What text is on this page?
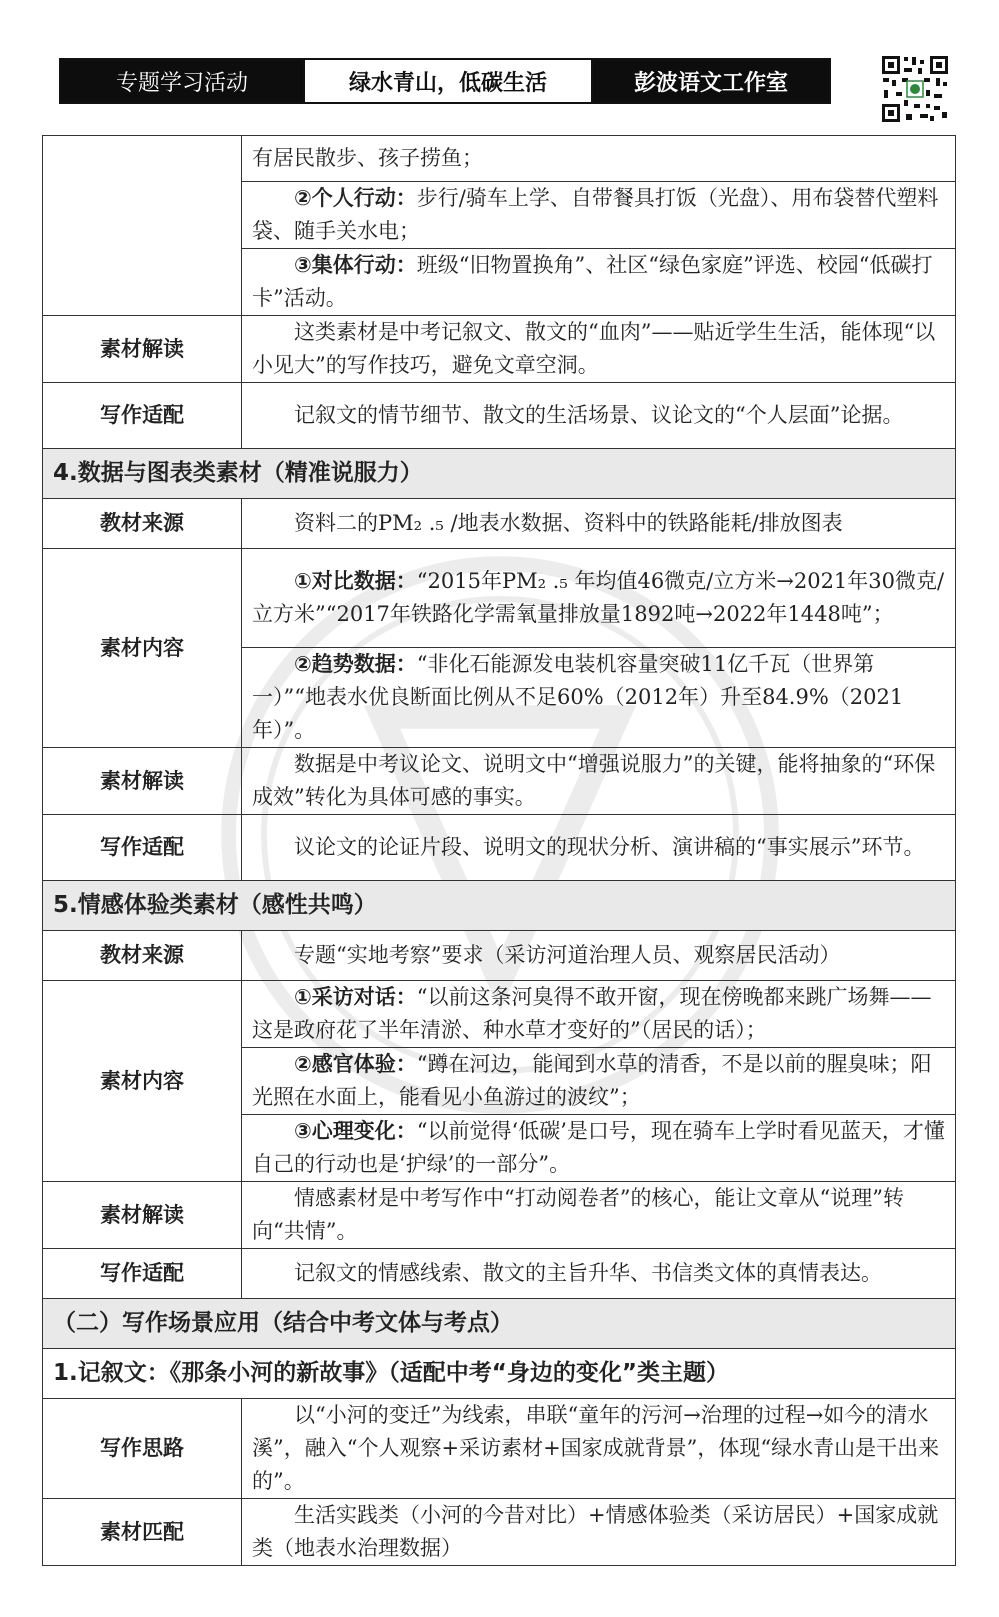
专题学习活动	绿水青山，低碳生活	彭波语文工作室
	有居民散步、孩子捞鱼；
	②个人行动：步行/骑车上学、自带餐具打饭（光盘）、用布袋替代塑料袋、随手关水电；
	③集体行动：班级“旧物置换角”、社区“绿色家庭”评选、校园“低碳打卡”活动。
素材解读	这类素材是中考记叙文、散文的“血肉”——贴近学生生活，能体现“以小见大”的写作技巧，避免文章空洞。
写作适配	记叙文的情节细节、散文的生活场景、议论文的“个人层面”论据。
4.数据与图表类素材（精准说服力）	
教材来源	资料二的PM₂ .₅ /地表水数据、资料中的铁路能耗/排放图表
素材内容	①对比数据：“2015年PM₂ .₅ 年均值46微克/立方米→2021年30微克/立方米”“2017年铁路化学需氧量排放量1892吨→2022年1448吨”；
	②趋势数据：“非化石能源发电装机容量突破11亿千瓦（世界第一）”“地表水优良断面比例从不足60%（2012年）升至84.9%（2021年）”。
素材解读	数据是中考议论文、说明文中“增强说服力”的关键，能将抽象的“环保成效”转化为具体可感的事实。
写作适配	议论文的论证片段、说明文的现状分析、演讲稿的“事实展示”环节。
5.情感体验类素材（感性共鸣）	
教材来源	专题“实地考察”要求（采访河道治理人员、观察居民活动）
素材内容	①采访对话：“以前这条河臭得不敢开窗，现在傍晚都来跳广场舞——这是政府花了半年清淤、种水草才变好的”（居民的话）；
	②感官体验：“蹲在河边，能闻到水草的清香，不是以前的腥臭味；阳光照在水面上，能看见小鱼游过的波纹”；
	③心理变化：“以前觉得‘低碳’是口号，现在骑车上学时看见蓝天，才懂自己的行动也是‘护绿’的一部分”。
素材解读	情感素材是中考写作中“打动阅卷者”的核心，能让文章从“说理”转向“共情”。
写作适配	记叙文的情感线索、散文的主旨升华、书信类文体的真情表达。
（二）写作场景应用（结合中考文体与考点）	
1.记叙文：《那条小河的新故事》（适配中考“身边的变化”类主题）	
写作思路	以“小河的变迁”为线索，串联“童年的污河→治理的过程→如今的清水溪”，融入“个人观察+采访素材+国家成就背景”，体现“绿水青山是干出来的”。
素材匹配	生活实践类（小河的今昔对比）+情感体验类（采访居民）+国家成就类（地表水治理数据）
